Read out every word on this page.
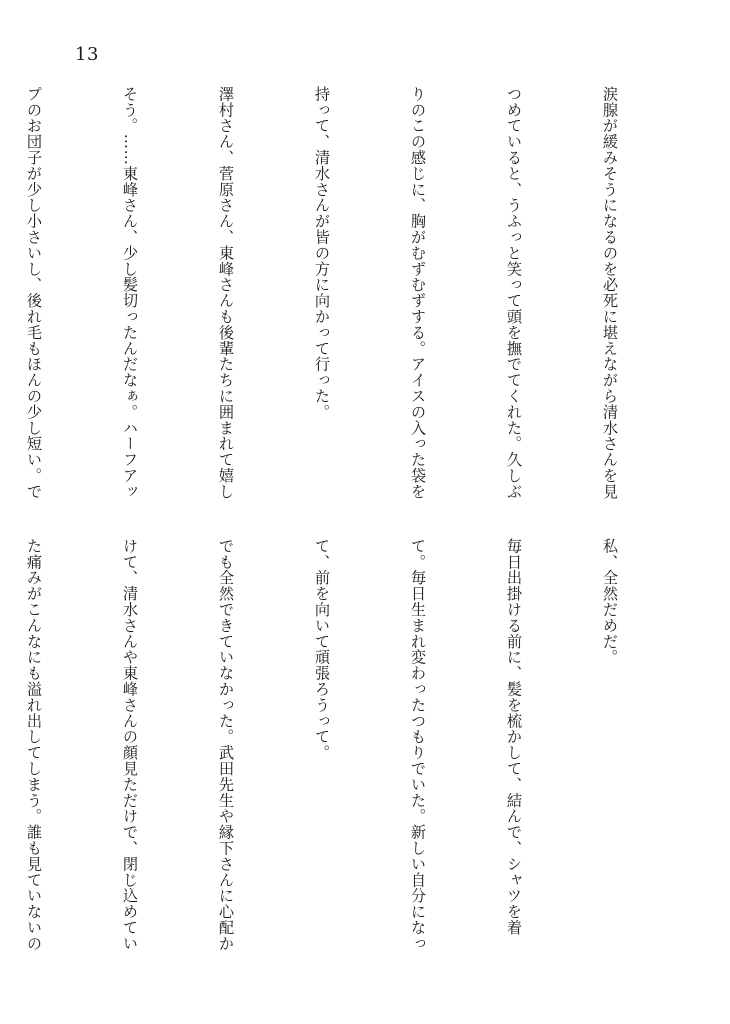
13

涙腺が緩みそうになるのを必死に堪えながら清水さんを見

つめていると、うふっと笑って頭を撫でてくれた。久しぶ

りのこの感じに、胸がむずむずする。アイスの入った袋を

持って、清水さんが皆の方に向かって行った。

澤村さん、菅原さん、東峰さんも後輩たちに囲まれて嬉し

そう。……東峰さん、少し髪切ったんだなぁ。ハーフアッ

プのお団子が少し小さいし、後れ毛もほんの少し短い。で

私、全然だめだ。

毎日出掛ける前に、髪を梳かして、結んで、シャツを着

て。毎日生まれ変わったつもりでいた。新しい自分になっ

て、前を向いて頑張ろうって。

でも全然できていなかった。武田先生や縁下さんに心配か

けて、清水さんや東峰さんの顔見ただけで、閉じ込めてい

た痛みがこんなにも溢れ出してしまう。誰も見ていないの
